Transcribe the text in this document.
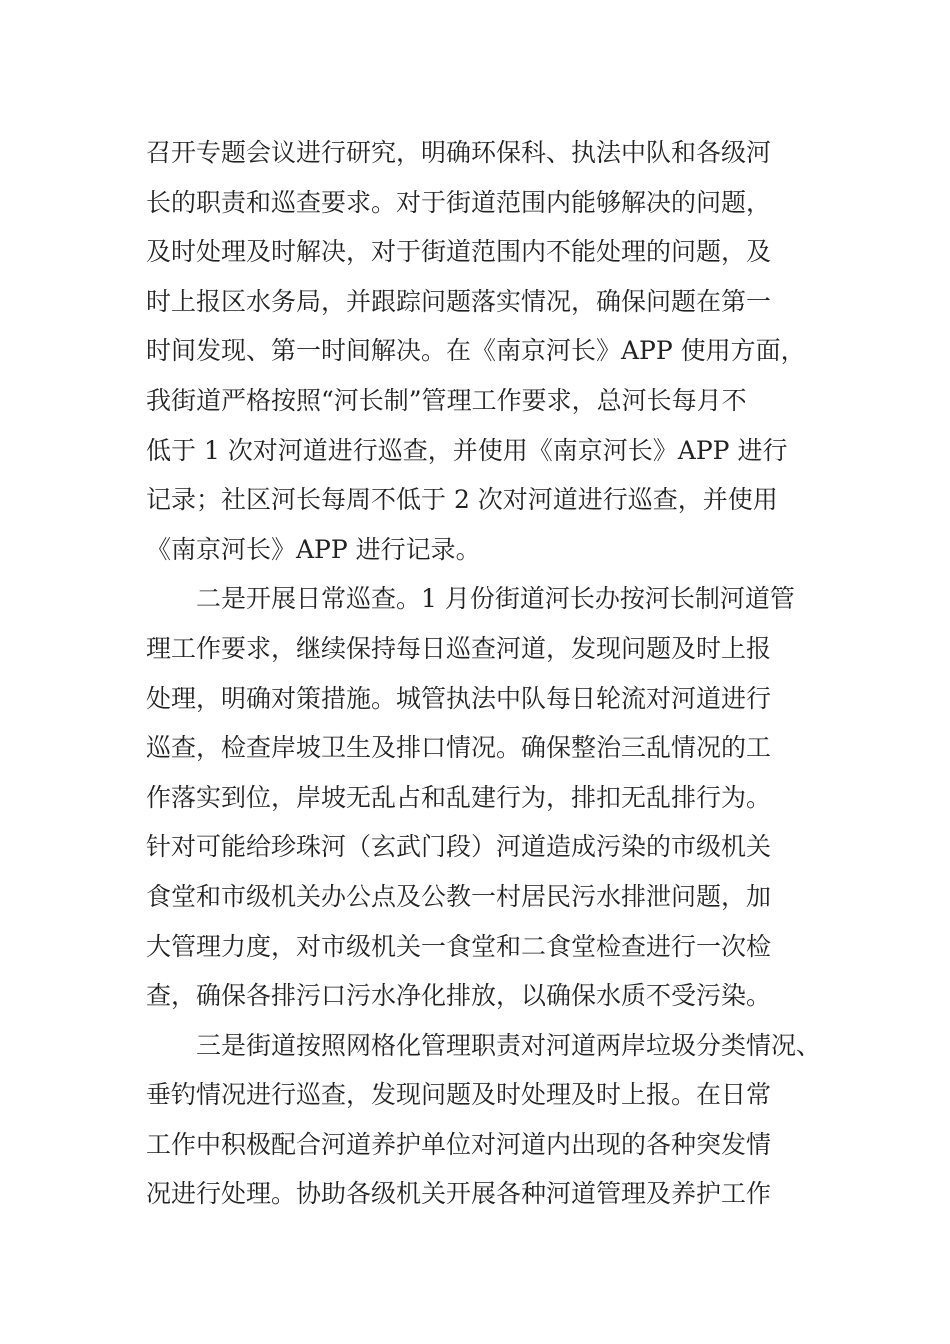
召开专题会议进行研究，明确环保科、执法中队和各级河
长的职责和巡查要求。对于街道范围内能够解决的问题，
及时处理及时解决，对于街道范围内不能处理的问题，及
时上报区水务局，并跟踪问题落实情况，确保问题在第一
时间发现、第一时间解决。在《南京河长》APP 使用方面，
我街道严格按照“河长制”管理工作要求，总河长每月不
低于 1 次对河道进行巡查，并使用《南京河长》APP 进行
记录；社区河长每周不低于 2 次对河道进行巡查，并使用
《南京河长》APP 进行记录。
二是开展日常巡查。1 月份街道河长办按河长制河道管
理工作要求，继续保持每日巡查河道，发现问题及时上报
处理，明确对策措施。城管执法中队每日轮流对河道进行
巡查，检查岸坡卫生及排口情况。确保整治三乱情况的工
作落实到位，岸坡无乱占和乱建行为，排扣无乱排行为。
针对可能给珍珠河（玄武门段）河道造成污染的市级机关
食堂和市级机关办公点及公教一村居民污水排泄问题，加
大管理力度，对市级机关一食堂和二食堂检查进行一次检
查，确保各排污口污水净化排放，以确保水质不受污染。
三是街道按照网格化管理职责对河道两岸垃圾分类情况、
垂钓情况进行巡查，发现问题及时处理及时上报。在日常
工作中积极配合河道养护单位对河道内出现的各种突发情
况进行处理。协助各级机关开展各种河道管理及养护工作
